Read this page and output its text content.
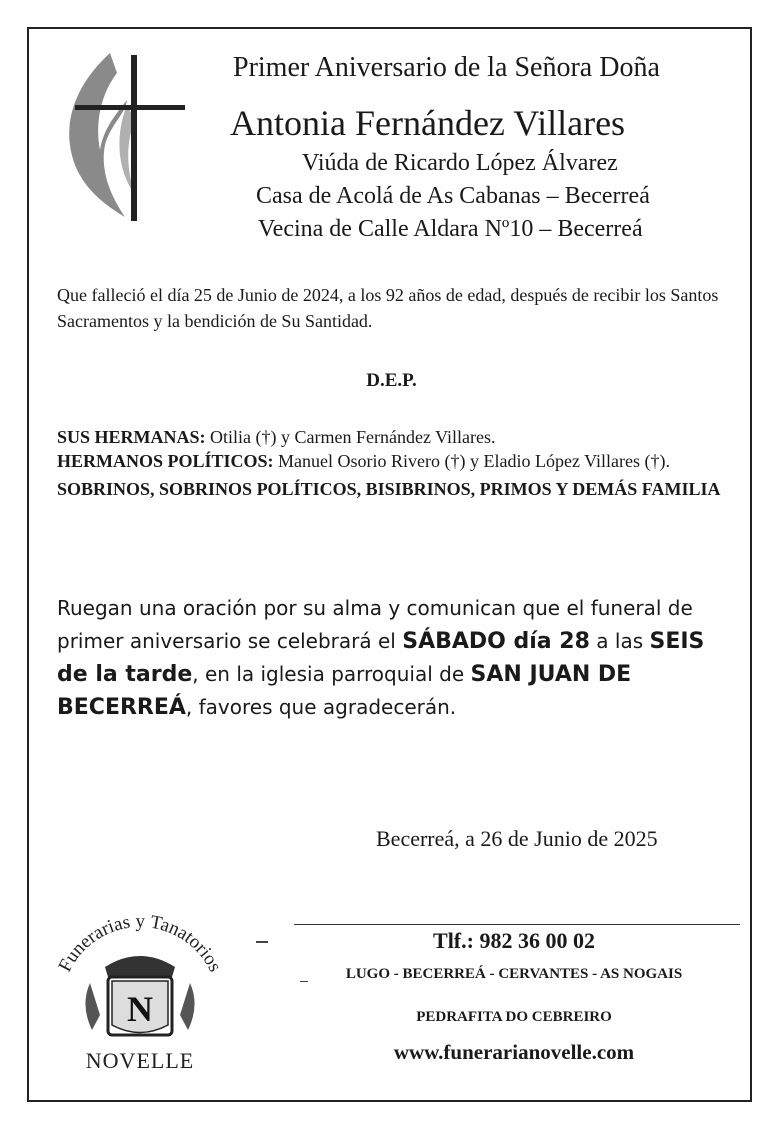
Primer Aniversario de la Señora Doña
Antonia Fernández Villares
Viúda de Ricardo López Álvarez
Casa de Acolá de As Cabanas – Becerreá
Vecina de Calle Aldara Nº10 – Becerreá
Que falleció el día 25 de Junio de 2024, a los 92 años de edad, después de recibir los Santos Sacramentos y la bendición de Su Santidad.
D.E.P.
SUS HERMANAS: Otilia (†) y Carmen Fernández Villares.
HERMANOS POLÍTICOS: Manuel Osorio Rivero (†) y Eladio López Villares (†).
SOBRINOS, SOBRINOS POLÍTICOS, BISIBRINOS, PRIMOS Y DEMÁS FAMILIA
Ruegan una oración por su alma y comunican que el funeral de primer aniversario se celebrará el SÁBADO día 28 a las SEIS de la tarde, en la iglesia parroquial de SAN JUAN DE BECERREÁ, favores que agradecerán.
Becerreá, a 26 de Junio de 2025
Funerarias y Tanatorios
N
NOVELLE
Tlf.: 982 36 00 02
LUGO - BECERREÁ - CERVANTES - AS NOGAIS
PEDRAFITA DO CEBREIRO
www.funerarianovelle.com
